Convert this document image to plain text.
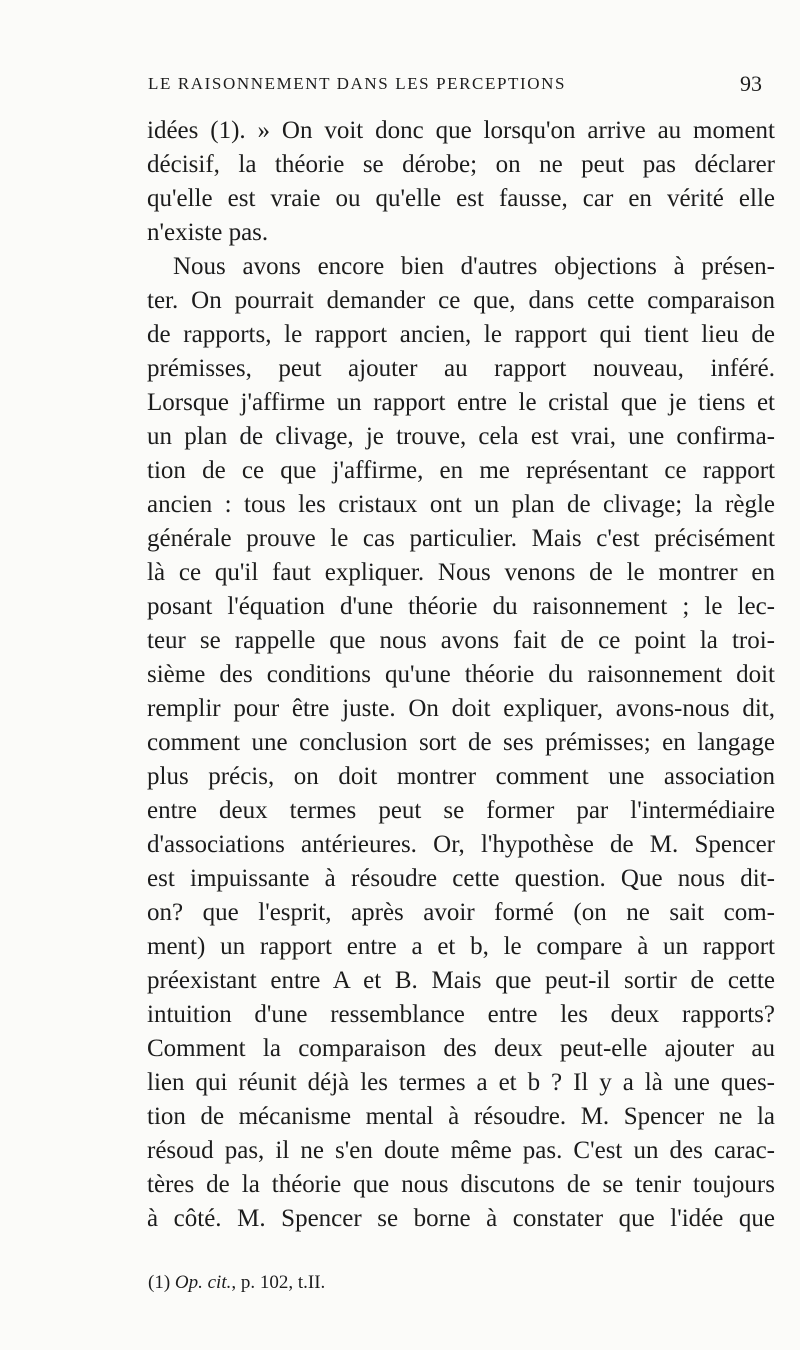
LE RAISONNEMENT DANS LES PERCEPTIONS	93
idées (1). » On voit donc que lorsqu'on arrive au moment
décisif, la théorie se dérobe; on ne peut pas déclarer
qu'elle est vraie ou qu'elle est fausse, car en vérité elle
n'existe pas.
Nous avons encore bien d'autres objections à présen-
ter. On pourrait demander ce que, dans cette comparaison
de rapports, le rapport ancien, le rapport qui tient lieu de
prémisses, peut ajouter au rapport nouveau, inféré.
Lorsque j'affirme un rapport entre le cristal que je tiens et
un plan de clivage, je trouve, cela est vrai, une confirma-
tion de ce que j'affirme, en me représentant ce rapport
ancien : tous les cristaux ont un plan de clivage; la règle
générale prouve le cas particulier. Mais c'est précisément
là ce qu'il faut expliquer. Nous venons de le montrer en
posant l'équation d'une théorie du raisonnement ; le lec-
teur se rappelle que nous avons fait de ce point la troi-
sième des conditions qu'une théorie du raisonnement doit
remplir pour être juste. On doit expliquer, avons-nous dit,
comment une conclusion sort de ses prémisses; en langage
plus précis, on doit montrer comment une association
entre deux termes peut se former par l'intermédiaire
d'associations antérieures. Or, l'hypothèse de M. Spencer
est impuissante à résoudre cette question. Que nous dit-
on? que l'esprit, après avoir formé (on ne sait com-
ment) un rapport entre a et b, le compare à un rapport
préexistant entre A et B. Mais que peut-il sortir de cette
intuition d'une ressemblance entre les deux rapports?
Comment la comparaison des deux peut-elle ajouter au
lien qui réunit déjà les termes a et b ? Il y a là une ques-
tion de mécanisme mental à résoudre. M. Spencer ne la
résoud pas, il ne s'en doute même pas. C'est un des carac-
tères de la théorie que nous discutons de se tenir toujours
à côté. M. Spencer se borne à constater que l'idée que
(1) Op. cit., p. 102, t.II.
